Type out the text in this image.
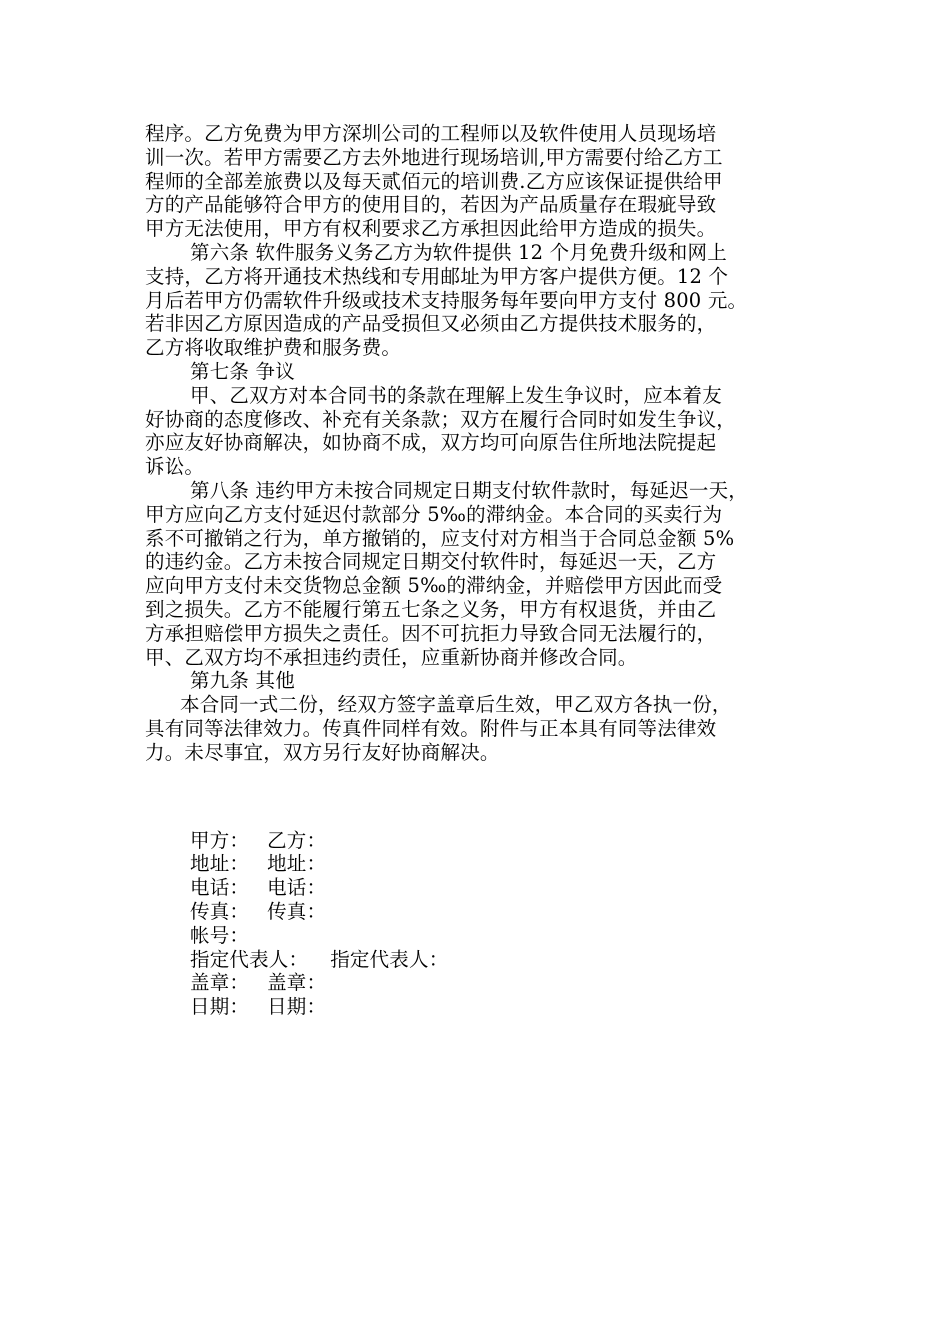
程序。乙方免费为甲方深圳公司的工程师以及软件使用人员现场培
训一次。若甲方需要乙方去外地进行现场培训,甲方需要付给乙方工
程师的全部差旅费以及每天贰佰元的培训费.乙方应该保证提供给甲
方的产品能够符合甲方的使用目的，若因为产品质量存在瑕疵导致
甲方无法使用，甲方有权利要求乙方承担因此给甲方造成的损失。
第六条 软件服务义务乙方为软件提供 12 个月免费升级和网上
支持，乙方将开通技术热线和专用邮址为甲方客户提供方便。12 个
月后若甲方仍需软件升级或技术支持服务每年要向甲方支付 800 元。
若非因乙方原因造成的产品受损但又必须由乙方提供技术服务的，
乙方将收取维护费和服务费。
第七条 争议
甲、乙双方对本合同书的条款在理解上发生争议时，应本着友
好协商的态度修改、补充有关条款；双方在履行合同时如发生争议，
亦应友好协商解决，如协商不成，双方均可向原告住所地法院提起
诉讼。
第八条 违约甲方未按合同规定日期支付软件款时，每延迟一天，
甲方应向乙方支付延迟付款部分 5‰的滞纳金。本合同的买卖行为
系不可撤销之行为，单方撤销的，应支付对方相当于合同总金额 5%
的违约金。乙方未按合同规定日期交付软件时，每延迟一天，乙方
应向甲方支付未交货物总金额 5‰的滞纳金，并赔偿甲方因此而受
到之损失。乙方不能履行第五七条之义务，甲方有权退货，并由乙
方承担赔偿甲方损失之责任。因不可抗拒力导致合同无法履行的，
甲、乙双方均不承担违约责任，应重新协商并修改合同。
第九条 其他
本合同一式二份，经双方签字盖章后生效，甲乙双方各执一份，
具有同等法律效力。传真件同样有效。附件与正本具有同等法律效
力。未尽事宜，双方另行友好协商解决。
甲方： 乙方：
地址： 地址：
电话： 电话：
传真： 传真：
帐号：
指定代表人： 指定代表人：
盖章： 盖章：
日期： 日期：
